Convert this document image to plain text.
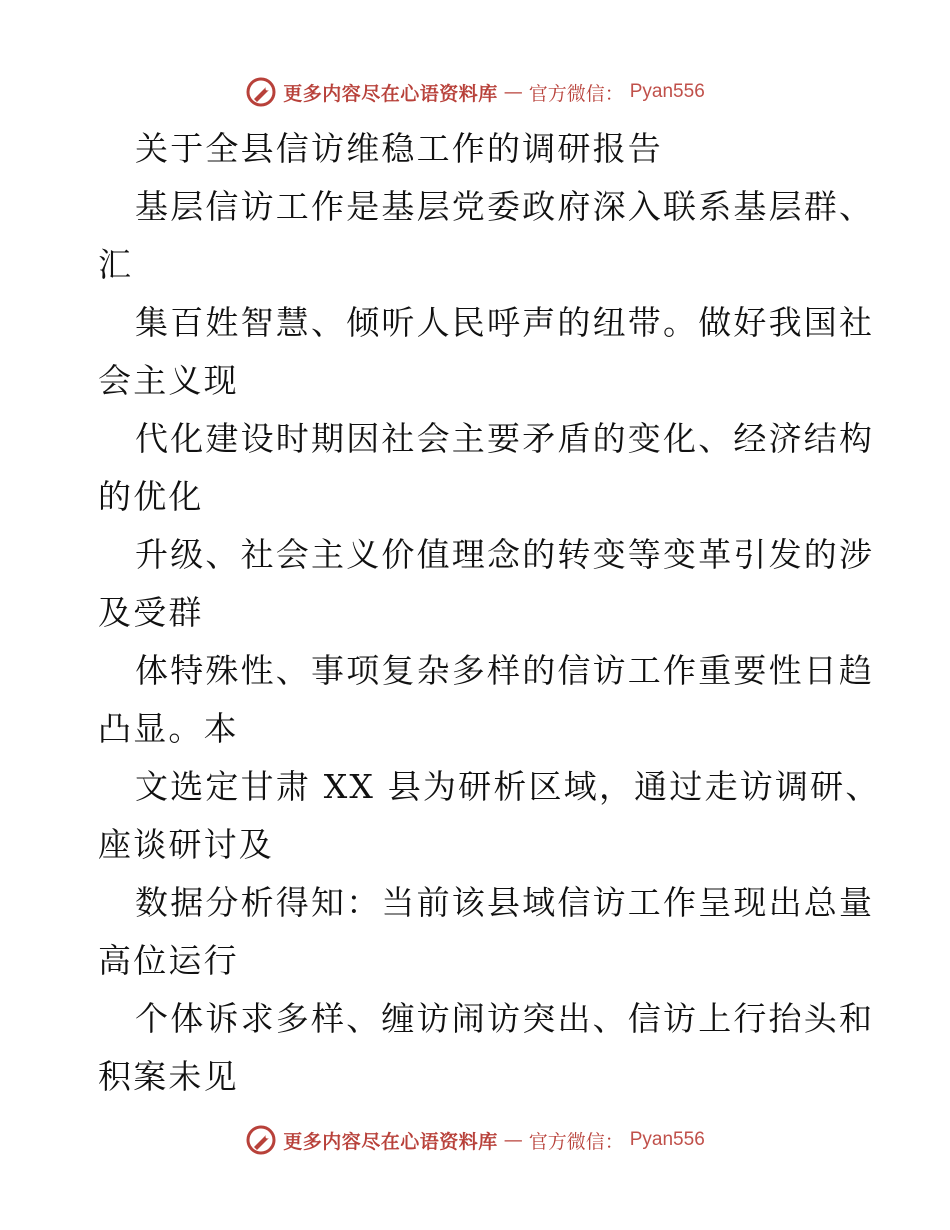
更多内容尽在心语资料库 — 官方微信： Pyan556
关于全县信访维稳工作的调研报告
基层信访工作是基层党委政府深入联系基层群、
汇
集百姓智慧、倾听人民呼声的纽带。做好我国社
会主义现
代化建设时期因社会主要矛盾的变化、经济结构
的优化
升级、社会主义价值理念的转变等变革引发的涉
及受群
体特殊性、事项复杂多样的信访工作重要性日趋
凸显。本
文选定甘肃 XX 县为研析区域，通过走访调研、
座谈研讨及
数据分析得知：当前该县域信访工作呈现出总量
高位运行
个体诉求多样、缠访闹访突出、信访上行抬头和
积案未见
更多内容尽在心语资料库 — 官方微信： Pyan556
